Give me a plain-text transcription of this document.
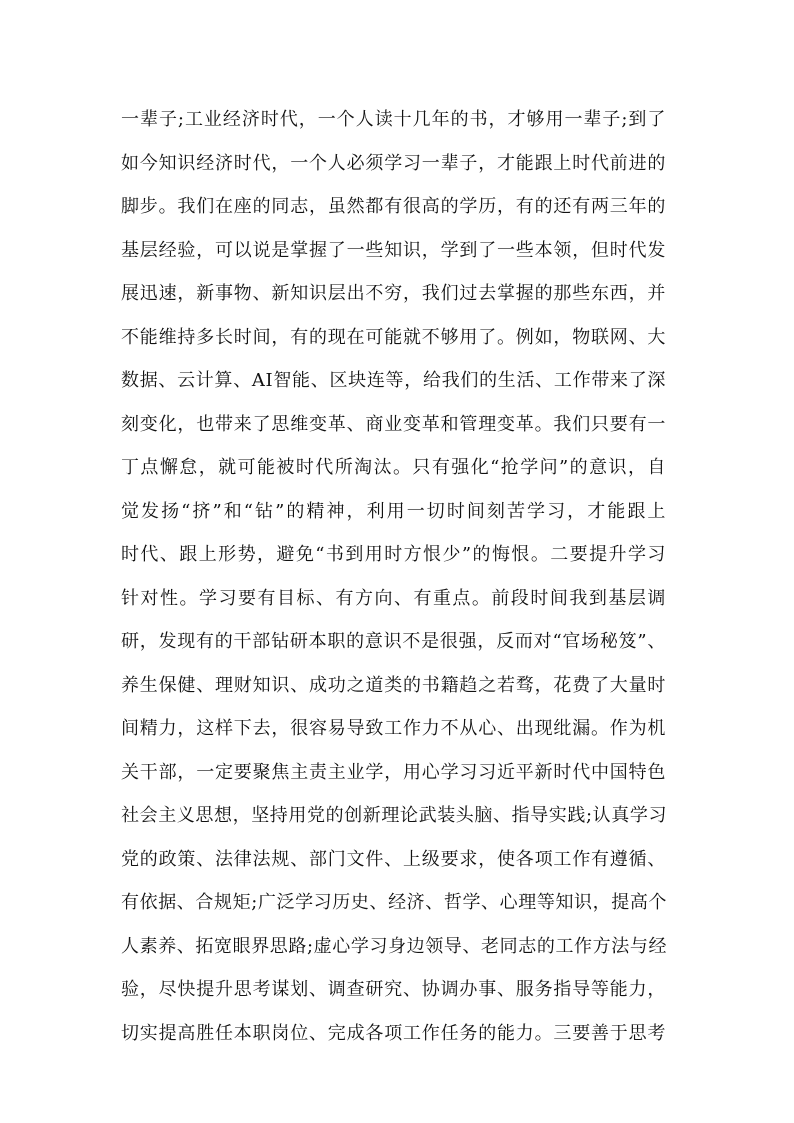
一辈子;工业经济时代，一个人读十几年的书，才够用一辈子;到了
如今知识经济时代，一个人必须学习一辈子，才能跟上时代前进的
脚步。我们在座的同志，虽然都有很高的学历，有的还有两三年的
基层经验，可以说是掌握了一些知识，学到了一些本领，但时代发
展迅速，新事物、新知识层出不穷，我们过去掌握的那些东西，并
不能维持多长时间，有的现在可能就不够用了。例如，物联网、大
数据、云计算、AI智能、区块连等，给我们的生活、工作带来了深
刻变化，也带来了思维变革、商业变革和管理变革。我们只要有一
丁点懈怠，就可能被时代所淘汰。只有强化“抢学问”的意识，自
觉发扬“挤”和“钻”的精神，利用一切时间刻苦学习，才能跟上
时代、跟上形势，避免“书到用时方恨少”的悔恨。二要提升学习
针对性。学习要有目标、有方向、有重点。前段时间我到基层调
研，发现有的干部钻研本职的意识不是很强，反而对“官场秘笈”、
养生保健、理财知识、成功之道类的书籍趋之若骛，花费了大量时
间精力，这样下去，很容易导致工作力不从心、出现纰漏。作为机
关干部，一定要聚焦主责主业学，用心学习习近平新时代中国特色
社会主义思想，坚持用党的创新理论武装头脑、指导实践;认真学习
党的政策、法律法规、部门文件、上级要求，使各项工作有遵循、
有依据、合规矩;广泛学习历史、经济、哲学、心理等知识，提高个
人素养、拓宽眼界思路;虚心学习身边领导、老同志的工作方法与经
验，尽快提升思考谋划、调查研究、协调办事、服务指导等能力，
切实提高胜任本职岗位、完成各项工作任务的能力。三要善于思考
